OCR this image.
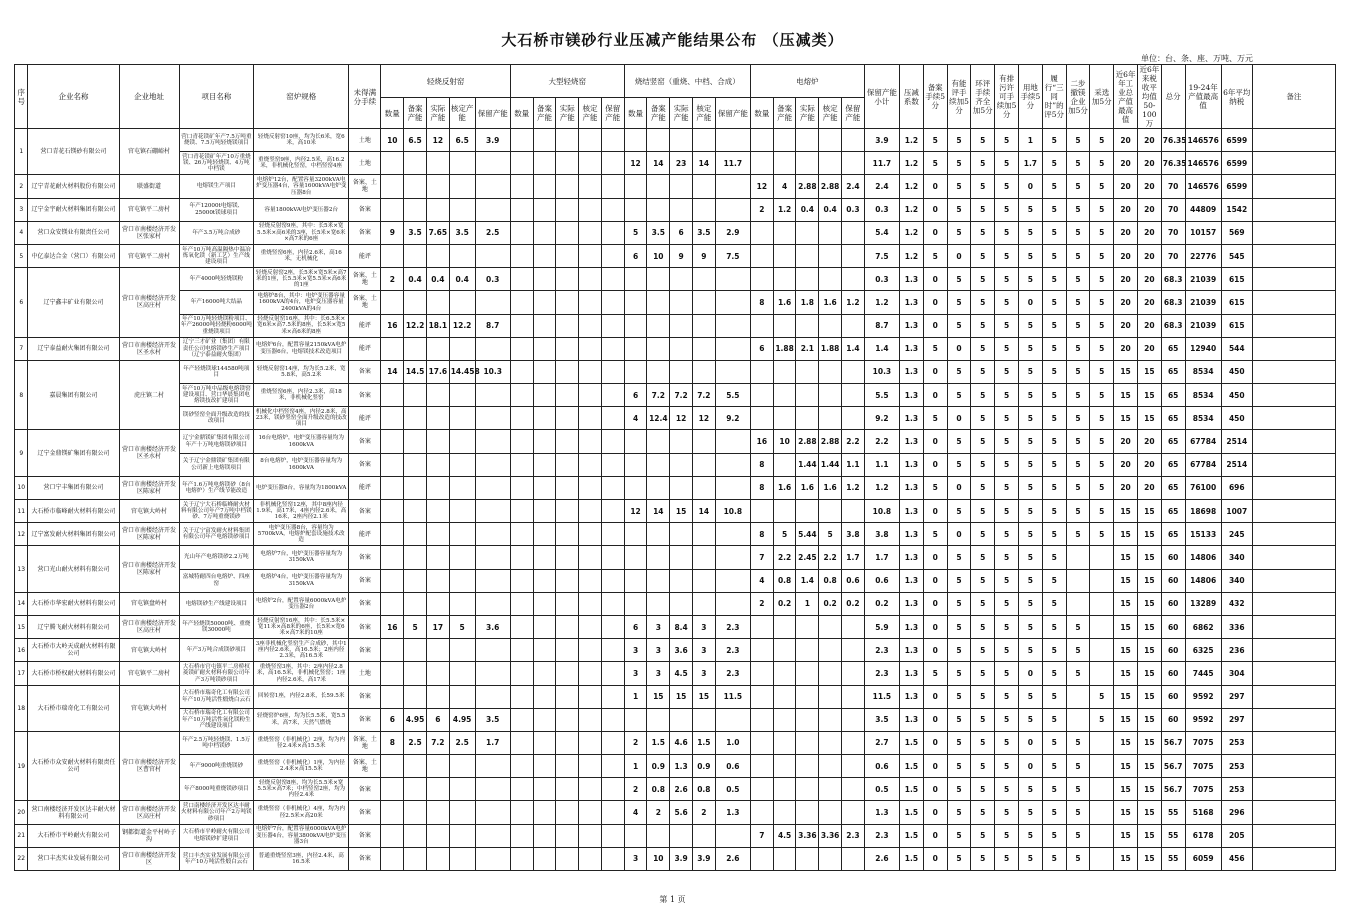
大石桥市镁砂行业压减产能结果公布 （压减类）
单位：台、条、座、万吨、万元
序号	企业名称	企业地址	项目名称	窑炉规格	未得满分手续	轻烧反射窑					大型轻烧窑					烧结竖窑（重烧、中档、合成）					电熔炉					保留产能小计	压减系数	备案手续5分	有能评手续加5分	环评手续齐全加5分	有排污许可手续加5分	用地手续5分	履行“三同时”的评5分	二步撤镁企业加5分	采选加5分	近6年年工业总产值最高值	近6年来税收平均值50-100万	总分	19-24年产值最高值	6年平均纳税	备注
						数量	备案产能	实际产能	核定产能	保留产能	数量	备案产能	实际产能	核定产能	保留产能	数量	备案产能	实际产能	核定产能	保留产能	数量	备案产能	实际产能	核定产能	保留产能																
1	营口青花石镁砂有限公司	官屯镇石硼峪村	营口青花镁矿年产7.5万吨重烧镁、7.5万吨轻烧镁项目	轻烧反射窑10座，均为长6米，宽6米，高10米	土地	10	6.5	12	6.5	3.9																3.9	1.2	5	5	5	5	1	5	5	5	20	20	76.35	146576	6599	
			营口青花镁矿年产10万重烧镁、26万吨轻烧镁、4万吨中档镁	重烧竖窑9座，内径2.5米，高16.2米，非机械化竖窑，中档竖窑4座	土地											12	14	23	14	11.7						11.7	1.2	5	5	5	5	1.7	5	5	5	20	20	76.35	146576	6599	
2	辽宁青花耐火材料股份有限公司	联盛街道	电熔镁生产项目	电熔炉12台，配置容量3200kVA电炉变压器4台，容量1600kVA电炉变压器8台	备案、土地																12	4	2.88	2.88	2.4	2.4	1.2	0	5	5	5	0	5	5	5	20	20	70	146576	6599	
3	辽宁金宇耐火材料集团有限公司	官屯镇平二房村	年产12000t电熔镁、25000t镁球项目	容量1800kVA电炉变压器2台	备案																2	1.2	0.4	0.4	0.3	0.3	1.2	0	5	5	5	5	5	5	5	20	20	70	44809	1542	
4	营口众安镁业有限责任公司	营口市南楼经济开发区张家村	年产3.5万吨合成砂	轻烧反射窑9座，其中：长5米×宽5.5米×高6米的3座，长5米×宽6米×高7米的6座	备案	9	3.5	7.65	3.5	2.5						5	3.5	6	3.5	2.9						5.4	1.2	0	5	5	5	5	5	5	5	20	20	70	10157	569	
5	中亿泰达合金（营口）有限公司	官屯镇平二房村	年产10万吨高温隔热中温冶炼氧化镁（新工艺）生产线建设项目	重烧竖窑6座，内径2.6米，高16米，无机械化	能评											6	10	9	9	7.5						7.5	1.2	5	0	5	5	5	5	5	5	20	20	70	22776	545	
6	辽宁鑫丰矿业有限公司	营口市南楼经济开发区高庄村	年产4000吨轻烧镁粉	轻烧反射窑2座，长5米×宽5米×高7米的1座，长5.5米×宽5.5米×高6米的1座	备案、土地	2	0.4	0.4	0.4	0.3																0.3	1.3	0	5	5	5	5	5	5	5	20	20	68.3	21039	615	
			年产16000吨大结晶	电熔炉8台，其中：电炉变压器容量1600kVA的4台，电炉变压器容量2400kVA的4台	备案、土地																8	1.6	1.8	1.6	1.2	1.2	1.3	0	5	5	5	0	5	5	5	20	20	68.3	21039	615	
			年产10万吨轻烧镁粉项目、年产26000吨轻烧粉6000吨重烧镁项目	轻烧反射窑16座，其中：长6.5米×宽6米×高7.5米的8座，长5米×宽5米×高6米的8座	能评	16	12.2	18.1	12.2	8.7																8.7	1.3	0	5	5	5	5	5	5	5	20	20	68.3	21039	615	
7	辽宁泰益耐火集团有限公司	营口市南楼经济开发区圣水村	辽宁三才矿业（集团）有限责任公司电熔镁砂生产项目（辽宁泰益耐火集团）	电熔炉6台，配置容量2150kVA电炉变压器6台，电熔镁技术改造项目	能评																6	1.88	2.1	1.88	1.4	1.4	1.3	5	0	5	5	5	5	5	5	20	20	65	12940	544	
8	嘉晨集团有限公司	虎庄镇二村	年产轻烧镁球144580吨项目	轻烧反射窑14座，均为长5.2米，宽5.8米，高5.2米	备案	14	14.5	17.6	14.458	10.3																10.3	1.3	0	5	5	5	5	5	5	5	15	15	65	8534	450	
			年产10万吨中品级电熔镁窑建设项目、营口华晨集团电熔镁技改扩建项目	重烧竖窑6座，内径2.3米，高18米，非机械化竖窑	备案											6	7.2	7.2	7.2	5.5						5.5	1.3	0	5	5	5	5	5	5	5	15	15	65	8534	450	
			镁砂竖窑全面升级改造的技改项目	机械化中档竖窑4座，内径2.8米，高23米，镁砂竖窑全面升级改造的技改项目	能评											4	12.4	12	12	9.2						9.2	1.3	5	0	5	5	5	5	5	5	15	15	65	8534	450	
9	辽宁金鼎镁矿集团有限公司	营口市南楼经济开发区圣水村	辽宁金鼎镁矿集团有限公司年产十万吨电熔镁砂项目	16台电熔炉，电炉变压器容量均为1600kVA	备案																16	10	2.88	2.88	2.2	2.2	1.3	0	5	5	5	5	5	5	5	20	20	65	67784	2514	
			关于辽宁金鼎镁矿集团有限公司新上电熔镁项目	8台电熔炉，电炉变压器容量均为1600kVA	备案																8		1.44	1.44	1.1	1.1	1.3	0	5	5	5	5	5	5	5	20	20	65	67784	2514	
10	营口宁丰集团有限公司	营口市南楼经济开发区陈家村	年产1.6万吨电熔镁砂（8台电熔炉）生产线节能改造	电炉变压器8台，容量均为1800kVA	能评																8	1.6	1.6	1.6	1.2	1.2	1.3	5	0	5	5	5	5	5	5	20	20	65	76100	696	
11	大石桥市临峰耐火材料有限公司	官屯镇大岭村	关于辽宁大石桥临峰耐火材料有限公司年产7万吨中档镁砂、7万吨重烧镁砂	非机械化竖窑12座，其中8座内径1.9米，高17米，4座内径2.6米，高16米，2座内径2.1米	备案											12	14	15	14	10.8						10.8	1.3	0	5	5	5	5	5	5	5	15	15	65	18698	1007	
12	辽宁富发耐火材料集团有限公司	营口市南楼经济开发区陈家村	关于辽宁富发耐火材料集团有限公司年产电熔镁砂项目	电炉变压器8台，容量均为5700kVA，电熔炉配套设施技术改造	能评																8	5	5.44	5	3.8	3.8	1.3	5	0	5	5	5	5	5	5	15	15	65	15133	245	
13	营口光山耐火材料有限公司	营口市南楼经济开发区陈家村	光山年产电熔镁砂2.2万吨	电熔炉7台，电炉变压器容量均为3150kVA	备案																7	2.2	2.45	2.2	1.7	1.7	1.3	0	5	5	5	5	5			15	15	60	14806	340	
			富城特耐四台电熔炉、四座窑	电熔炉4台，电炉变压器容量均为3150kVA	备案																4	0.8	1.4	0.8	0.6	0.6	1.3	0	5	5	5	5	5			15	15	60	14806	340	
14	大石桥市华宏耐火材料有限公司	官屯镇盘岭村	电熔镁砂生产线建设项目	电熔炉2台，配置容量6000kVA电炉变压器2台	备案																2	0.2	1	0.2	0.2	0.2	1.3	0	5	5	5	5	5			15	15	60	13289	432	
15	辽宁腾飞耐火材料有限公司	营口市南楼经济开发区高庄村	年产轻烧镁50000吨、重烧镁30000吨	轻烧反射窑16座，其中：长5.5米×宽11米×高8米的6座，长5米×宽6米×高7米的10座	备案	16	5	17	5	3.6						6	3	8.4	3	2.3						5.9	1.3	0	5	5	5	5	5	5		15	15	60	6862	336	
16	大石桥市大岭天成耐火材料有限公司	官屯镇大岭村	年产3万吨合成镁砂项目	3座非机械化竖窑生产合成砂，其中1座内径2.6米，高16.5米；2座内径2.3米，高16.5米	备案											3	3	3.6	3	2.3						2.3	1.3	0	5	5	5	5	5	5		15	15	60	6325	236	
17	大石桥市桥权耐火材料有限公司	官屯镇平二房村	大石桥市官屯镇平二房桥权菱镁矿耐火材料有限公司年产3万吨镁砂项目	重烧竖窑3座，其中：2座内径2.8米，高16.5米，非机械化竖窑；1座内径2.6米，高17米	土地											3	3	4.5	3	2.3						2.3	1.3	5	5	5	5	0	5	5		15	15	60	7445	304	
18	大石桥市瑞奇化工有限公司	官屯镇大岭村	大石桥市瑞奇化工有限公司年产10万吨活性煅烧白云石	回转窑1座，内径2.8米，长59.5米	备案											1	15	15	15	11.5						11.5	1.3	0	5	5	5	5	5		5	15	15	60	9592	297	
			大石桥市瑞奇化工有限公司年产10万吨活性氧化镁粉生产线建设项目	轻烧窑炉6座，均为长5.5米，宽5.5米，高7米，天然气燃烧	备案	6	4.95	6	4.95	3.5																3.5	1.3	0	5	5	5	5	5		5	15	15	60	9592	297	
19	大石桥市众安耐火材料有限责任公司	营口市南楼经济开发区曹官村	年产2.5万吨轻烧镁、1.5万吨中档镁砂	重烧竖窑（非机械化）2座，均为内径2.4米×高15.5米	备案、土地	8	2.5	7.2	2.5	1.7						2	1.5	4.6	1.5	1.0						2.7	1.5	0	5	5	5	0	5	5		15	15	56.7	7075	253	
			年产9000吨重烧镁砂	重烧竖窑（非机械化）1座，为内径2.4米×高15.5米	备案、土地											1	0.9	1.3	0.9	0.6						0.6	1.5	0	5	5	5	0	5	5		15	15	56.7	7075	253	
			年产8000吨重烧镁砂项目	轻烧反射窑8座，均为长5.5米×宽5.5米×高7米；中档竖窑2座，均为内径2.4米	备案											2	0.8	2.6	0.8	0.5						0.5	1.5	0	5	5	5	5	5	5		15	15	56.7	7075	253	
20	营口南楼经济开发区达丰耐火材料有限公司	营口市南楼经济开发区高庄村	营口南楼经济开发区达丰耐火材料有限公司年产2万吨镁砂项目	重烧竖窑（非机械化）4座，均为内径2.5米×高20米	备案											4	2	5.6	2	1.3						1.3	1.5	0	5	5	5	5	5	5		15	15	55	5168	296	
21	大石桥市平岭耐火有限公司	钢都街道金平村岭子沟	大石桥市平岭耐火有限公司电熔镁砂扩建项目	电熔炉7台，配置容量6000kVA电炉变压器4台，容量3800kVA电炉变压器3台	备案																7	4.5	3.36	3.36	2.3	2.3	1.5	0	5	5	5	5	5	5		15	15	55	6178	205	
22	营口丰杰实业发展有限公司	营口市南楼经济开发区	营口丰杰实业发展有限公司年产10万吨活性煅白云石	普通重烧竖窑3座，内径2.4米，高16.5米	备案											3	10	3.9	3.9	2.6						2.6	1.5	0	5	5	5	5	5	5		15	15	55	6059	456	
第 1 页
